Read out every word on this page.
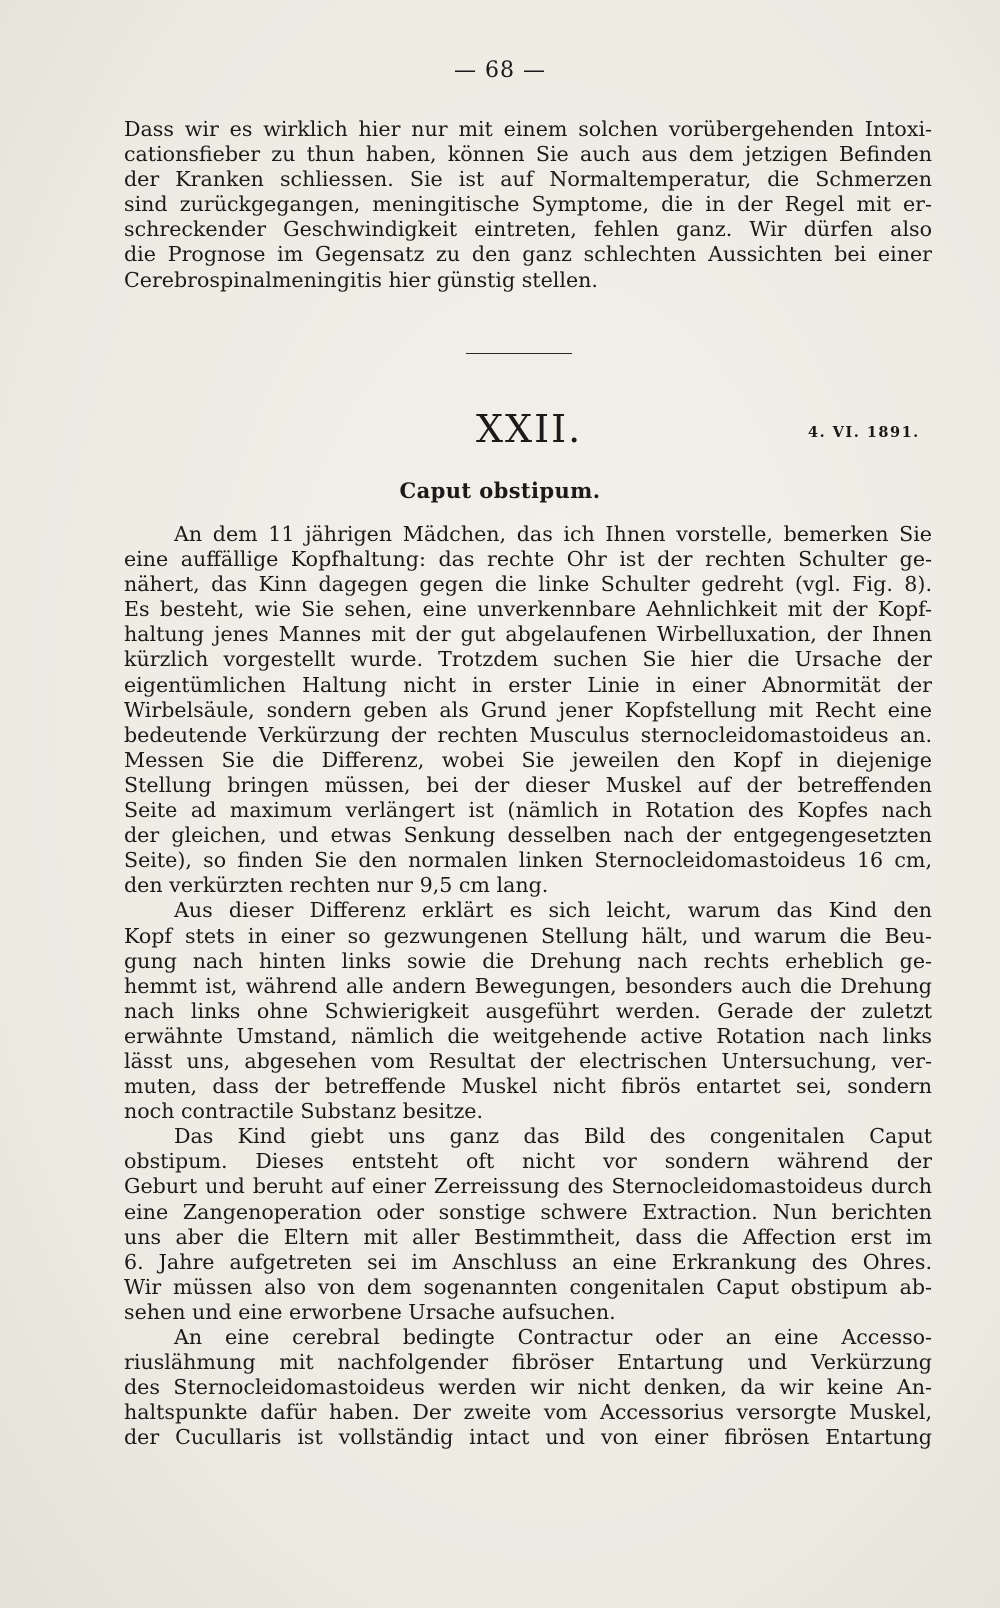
— 68 —
Dass wir es wirklich hier nur mit einem solchen vorübergehenden Intoxi-
cationsfieber zu thun haben, können Sie auch aus dem jetzigen Befinden
der Kranken schliessen. Sie ist auf Normaltemperatur, die Schmerzen
sind zurückgegangen, meningitische Symptome, die in der Regel mit er-
schreckender Geschwindigkeit eintreten, fehlen ganz. Wir dürfen also
die Prognose im Gegensatz zu den ganz schlechten Aussichten bei einer
Cerebrospinalmeningitis hier günstig stellen.
XXII.	4. VI. 1891.
Caput obstipum.
An dem 11 jährigen Mädchen, das ich Ihnen vorstelle, bemerken Sie
eine auffällige Kopfhaltung: das rechte Ohr ist der rechten Schulter ge-
nähert, das Kinn dagegen gegen die linke Schulter gedreht (vgl. Fig. 8).
Es besteht, wie Sie sehen, eine unverkennbare Aehnlichkeit mit der Kopf-
haltung jenes Mannes mit der gut abgelaufenen Wirbelluxation, der Ihnen
kürzlich vorgestellt wurde. Trotzdem suchen Sie hier die Ursache der
eigentümlichen Haltung nicht in erster Linie in einer Abnormität der
Wirbelsäule, sondern geben als Grund jener Kopfstellung mit Recht eine
bedeutende Verkürzung der rechten Musculus sternocleidomastoideus an.
Messen Sie die Differenz, wobei Sie jeweilen den Kopf in diejenige
Stellung bringen müssen, bei der dieser Muskel auf der betreffenden
Seite ad maximum verlängert ist (nämlich in Rotation des Kopfes nach
der gleichen, und etwas Senkung desselben nach der entgegengesetzten
Seite), so finden Sie den normalen linken Sternocleidomastoideus 16 cm,
den verkürzten rechten nur 9,5 cm lang.
Aus dieser Differenz erklärt es sich leicht, warum das Kind den
Kopf stets in einer so gezwungenen Stellung hält, und warum die Beu-
gung nach hinten links sowie die Drehung nach rechts erheblich ge-
hemmt ist, während alle andern Bewegungen, besonders auch die Drehung
nach links ohne Schwierigkeit ausgeführt werden. Gerade der zuletzt
erwähnte Umstand, nämlich die weitgehende active Rotation nach links
lässt uns, abgesehen vom Resultat der electrischen Untersuchung, ver-
muten, dass der betreffende Muskel nicht fibrös entartet sei, sondern
noch contractile Substanz besitze.
Das Kind giebt uns ganz das Bild des congenitalen Caput
obstipum. Dieses entsteht oft nicht vor sondern während der
Geburt und beruht auf einer Zerreissung des Sternocleidomastoideus durch
eine Zangenoperation oder sonstige schwere Extraction. Nun berichten
uns aber die Eltern mit aller Bestimmtheit, dass die Affection erst im
6. Jahre aufgetreten sei im Anschluss an eine Erkrankung des Ohres.
Wir müssen also von dem sogenannten congenitalen Caput obstipum ab-
sehen und eine erworbene Ursache aufsuchen.
An eine cerebral bedingte Contractur oder an eine Accesso-
riuslähmung mit nachfolgender fibröser Entartung und Verkürzung
des Sternocleidomastoideus werden wir nicht denken, da wir keine An-
haltspunkte dafür haben. Der zweite vom Accessorius versorgte Muskel,
der Cucullaris ist vollständig intact und von einer fibrösen Entartung
